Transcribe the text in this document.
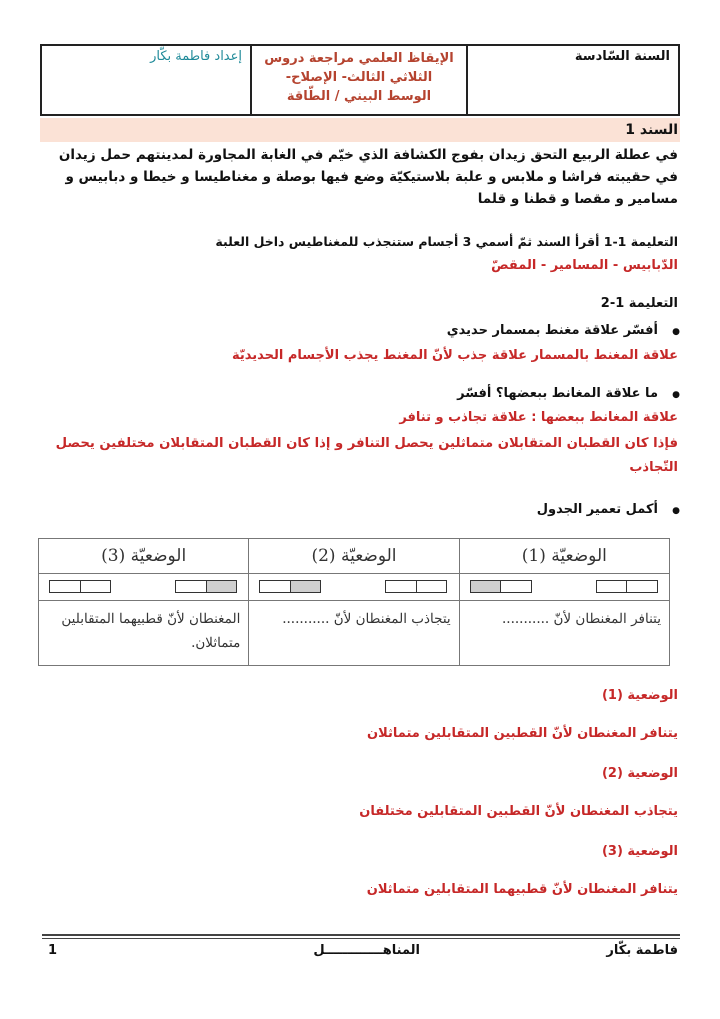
السنة السّادسة
الإيقاظ العلمي مراجعة دروس
الثلاثي الثالث- الإصلاح-
الوسط البيني / الطّاقة
إعداد فاطمة بكّار
السند 1
في عطلة الربيع التحق زيدان بفوج الكشافة الذي خيّم في الغابة المجاورة لمدينتهم حمل زيدان في حقيبته فراشا و ملابس و علبة بلاستيكيّة وضع فيها بوصلة و مغناطيسا و خيطا و دبابيس و مسامير و مقصا و قطنا و قلما
التعليمة 1-1 أقرأ السند ثمّ أسمي 3 أجسام ستنجذب للمغناطيس داخل العلبة
الدّبابيس - المسامير - المقصّ
التعليمة 1-2
● أفسّر علاقة مغنط بمسمار حديدي
علاقة المغنط بالمسمار علاقة جذب لأنّ المغنط يجذب الأجسام الحديديّة
● ما علاقة المغانط ببعضها؟ أفسّر
علاقة المغانط ببعضها : علاقة تجاذب و تنافر
فإذا كان القطبان المتقابلان متماثلين يحصل التنافر و إذا كان القطبان المتقابلان مختلفين يحصل
التّجاذب
● أكمل تعمير الجدول
الوضعيّة (3)
المغنطان لأنّ قطبيهما المتقابلين متماثلان.
الوضعيّة (2)
يتجاذب المغنطان لأنّ ...........
الوضعيّة (1)
يتنافر المغنطان لأنّ ...........
الوضعية (1)
يتنافر المغنطان لأنّ القطبين المتقابلين متماثلان
الوضعية (2)
يتجاذب المغنطان لأنّ القطبين المتقابلين مختلفان
الوضعية (3)
يتنافر المغنطان لأنّ قطبيهما المتقابلين متماثلان
فاطمة بكّار
المناهـــــــــــــل
1
